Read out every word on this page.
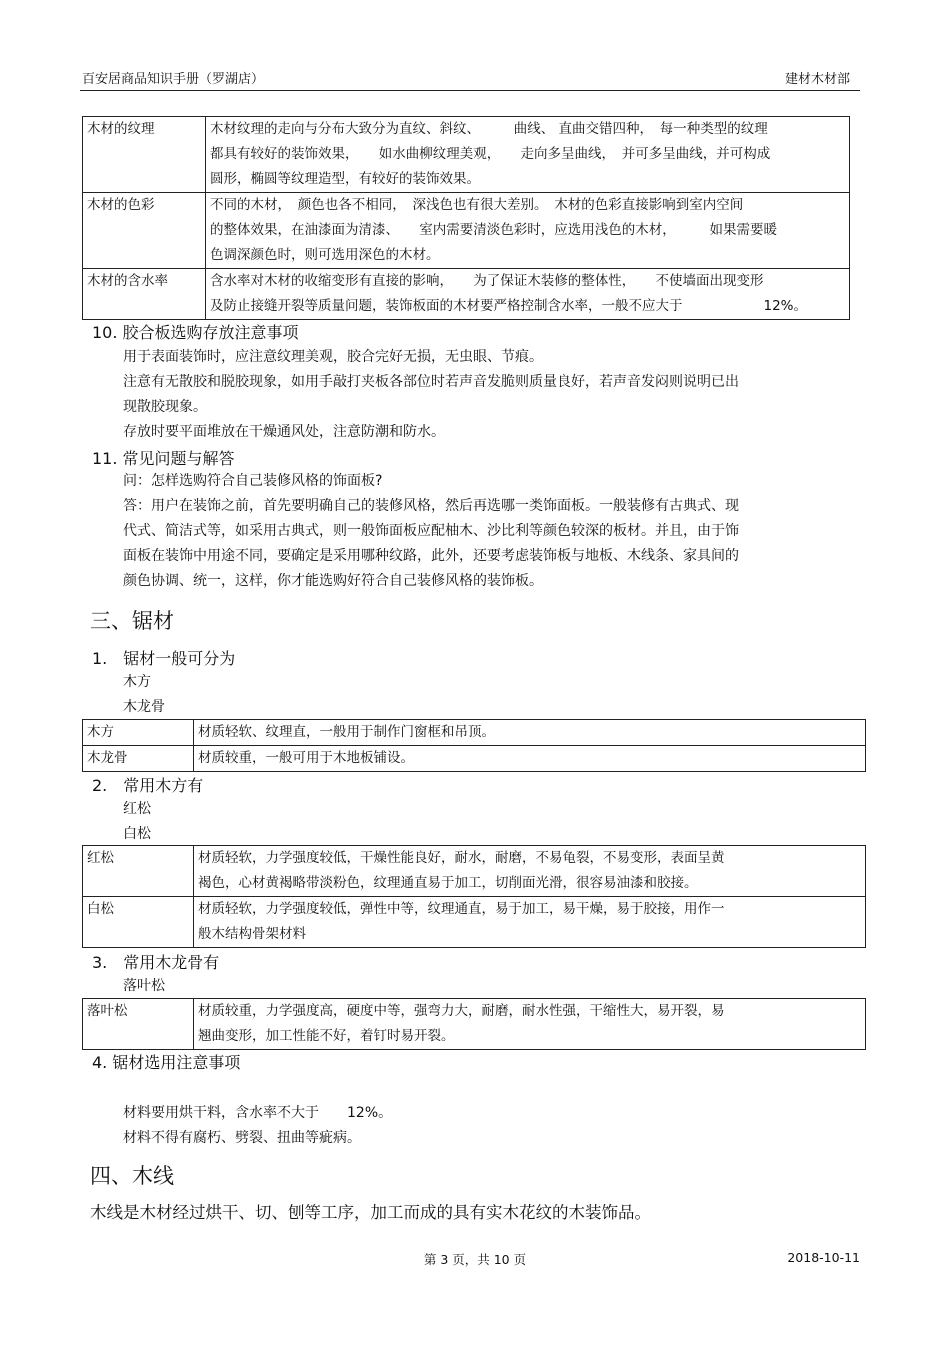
百安居商品知识手册（罗湖店）	建材木材部
木材的纹理	木材纹理的走向与分布大致分为直纹、斜纹、　　　曲线、 直曲交错四种，　每一种类型的纹理
都具有较好的装饰效果，　　如水曲柳纹理美观，　　走向多呈曲线，　并可多呈曲线，并可构成
圆形，椭圆等纹理造型，有较好的装饰效果。

木材的色彩	不同的木材，　颜色也各不相同，　深浅色也有很大差别。　木材的色彩直接影响到室内空间
的整体效果，在油漆面为清漆、　　室内需要清淡色彩时，应选用浅色的木材，　　　如果需要暖
色调深颜色时，则可选用深色的木材。

木材的含水率	含水率对木材的收缩变形有直接的影响，　　为了保证木装修的整体性，　　不使墙面出现变形
及防止接缝开裂等质量问题，装饰板面的木材要严格控制含水率，一般不应大于　　　　　　12%。
10. 胶合板选购存放注意事项
用于表面装饰时，应注意纹理美观，胶合完好无损，无虫眼、节痕。
注意有无散胶和脱胶现象，如用手敲打夹板各部位时若声音发脆则质量良好，若声音发闷则说明已出
现散胶现象。
存放时要平面堆放在干燥通风处，注意防潮和防水。
11. 常见问题与解答
问：怎样选购符合自己装修风格的饰面板?
答：用户在装饰之前，首先要明确自己的装修风格，然后再选哪一类饰面板。一般装修有古典式、现
代式、简洁式等，如采用古典式，则一般饰面板应配柚木、沙比利等颜色较深的板材。并且，由于饰
面板在装饰中用途不同，要确定是采用哪种纹路，此外，还要考虑装饰板与地板、木线条、家具间的
颜色协调、统一，这样，你才能选购好符合自己装修风格的装饰板。
三、锯材
1.　锯材一般可分为
木方
木龙骨
木方	材质轻软、纹理直，一般用于制作门窗框和吊顶。
木龙骨	材质较重，一般可用于木地板铺设。
2.　常用木方有
红松
白松
红松	材质轻软，力学强度较低，干燥性能良好，耐水，耐磨，不易龟裂，不易变形，表面呈黄
褐色，心材黄褐略带淡粉色，纹理通直易于加工，切削面光滑，很容易油漆和胶接。

白松	材质轻软，力学强度较低，弹性中等，纹理通直，易于加工，易干燥，易于胶接，用作一
般木结构骨架材料
3.　常用木龙骨有
落叶松
落叶松	材质较重，力学强度高，硬度中等，强弯力大，耐磨，耐水性强，干缩性大，易开裂，易
翘曲变形，加工性能不好，着钉时易开裂。
4. 锯材选用注意事项
材料要用烘干料，含水率不大于　　12%。
材料不得有腐朽、劈裂、扭曲等疵病。
四、木线
木线是木材经过烘干、切、刨等工序，加工而成的具有实木花纹的木装饰品。
第 3 页，共 10 页	2018-10-11
